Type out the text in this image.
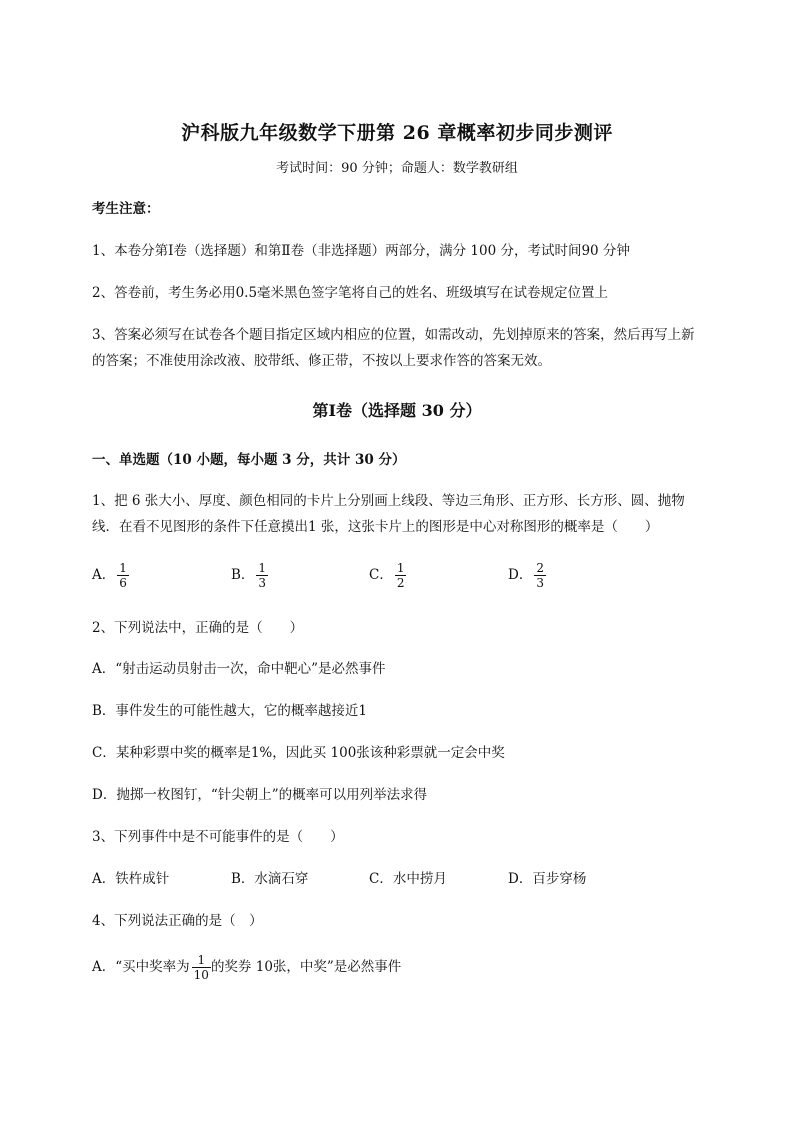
沪科版九年级数学下册第 26 章概率初步同步测评
考试时间：90 分钟；命题人：数学教研组
考生注意：
1、本卷分第Ⅰ卷（选择题）和第Ⅱ卷（非选择题）两部分，满分 100 分，考试时间90 分钟
2、答卷前，考生务必用0.5毫米黑色签字笔将自己的姓名、班级填写在试卷规定位置上
3、答案必须写在试卷各个题目指定区域内相应的位置，如需改动，先划掉原来的答案，然后再写上新
的答案；不准使用涂改液、胶带纸、修正带，不按以上要求作答的答案无效。
第Ⅰ卷（选择题 30 分）
一、单选题（10 小题，每小题 3 分，共计 30 分）
1、把 6 张大小、厚度、颜色相同的卡片上分别画上线段、等边三角形、正方形、长方形、圆、抛物
线．在看不见图形的条件下任意摸出1 张，这张卡片上的图形是中心对称图形的概率是（　　）
A． $\frac{1}{6}$	B． $\frac{1}{3}$	C． $\frac{1}{2}$	D． $\frac{2}{3}$
2、下列说法中，正确的是（　　）
A．“射击运动员射击一次，命中靶心”是必然事件
B．事件发生的可能性越大，它的概率越接近1
C．某种彩票中奖的概率是1%，因此买 100张该种彩票就一定会中奖
D．抛掷一枚图钉，“针尖朝上”的概率可以用列举法求得
3、下列事件中是不可能事件的是（　　）
A．铁杵成针	B．水滴石穿	C．水中捞月	D．百步穿杨
4、下列说法正确的是（　）
A．“买中奖率为 $\frac{1}{10}$ 的奖券 10张，中奖”是必然事件
